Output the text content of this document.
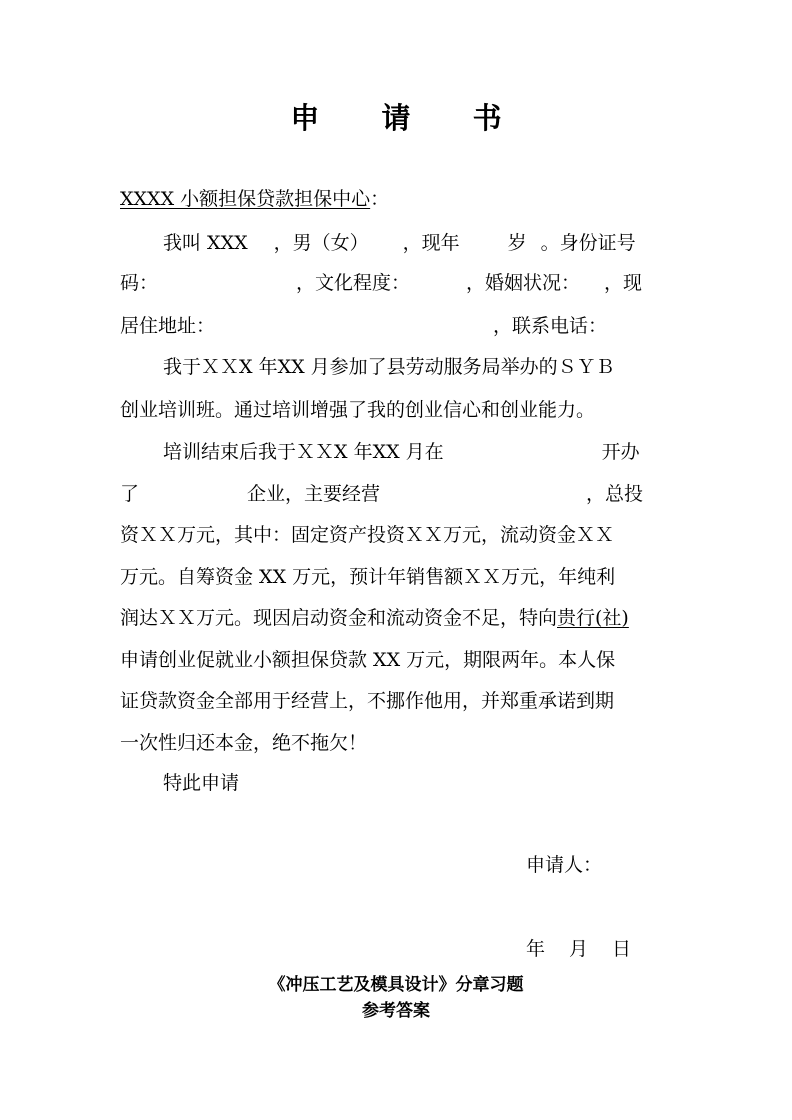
申 请 书
XXXX 小额担保贷款担保中心：
我叫 XXX ，男（女） ，现年	岁 。身份证号
码：	，文化程度：	，婚姻状况： ，现
居住地址：	，联系电话：
我于ＸＸX 年XX 月参加了县劳动服务局举办的ＳＹＢ
创业培训班。通过培训增强了我的创业信心和创业能力。
培训结束后我于ＸＸX 年XX 月在	开办
了	企业，主要经营	，总投
资ＸＸ万元，其中：固定资产投资ＸＸ万元，流动资金ＸＸ
万元。自筹资金 XX 万元，预计年销售额ＸＸ万元，年纯利
润达ＸＸ万元。现因启动资金和流动资金不足，特向贵行(社)
申请创业促就业小额担保贷款 XX 万元，期限两年。本人保
证贷款资金全部用于经营上，不挪作他用，并郑重承诺到期
一次性归还本金，绝不拖欠！
特此申请
申请人：
年 月 日
《冲压工艺及模具设计》分章习题
参考答案
